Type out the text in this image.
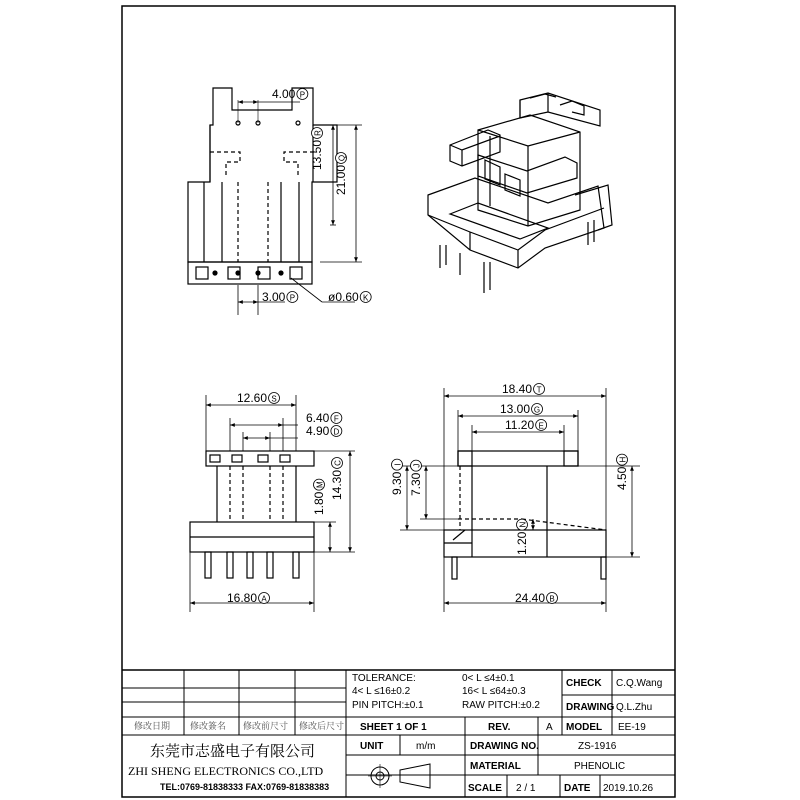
4.00 P
13.50
R
21.00
Q
3.00 P	ø0.60 K
12.60 S
6.40 F
4.90 D
14.30
C
1.80
M
16.80 A
18.40 T
13.00 G
11.20 E
9.30
I
7.30
J
4.50
H
1.20
N
24.40 B
TOLERANCE:	0< L ≤4±0.1
4< L ≤16±0.2	16< L ≤64±0.3
PIN PITCH:±0.1	RAW PITCH:±0.2
CHECK C.Q.Wang
DRAWING Q.L.Zhu
SHEET 1 OF 1	REV.	A MODEL EE-19
UNIT	m/m	DRAWING NO.	ZS-1916
MATERIAL	PHENOLIC
SCALE 2 / 1	DATE 2019.10.26
修改日期 修改簽名 修改前尺寸 修改后尺寸
东莞市志盛电子有限公司
ZHI SHENG ELECTRONICS CO.,LTD
TEL:0769-81838333 FAX:0769-81838383
